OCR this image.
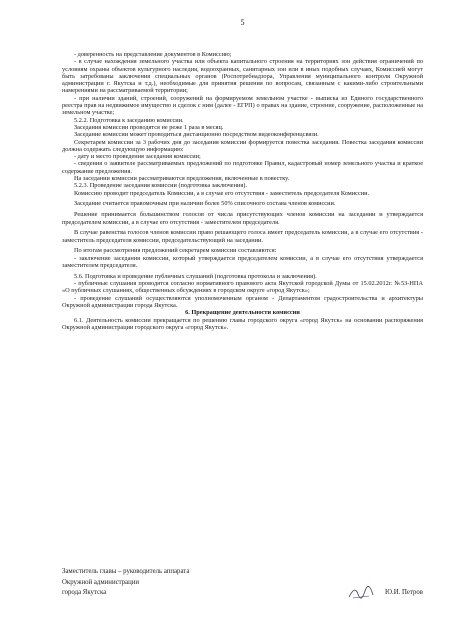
5

- доверенность на представление документов в Комиссию;

- в случае нахождения земельного участка или объекта капитального строения на территориях зон действия ограничений по условиям охраны объектов культурного наследия, водоохранных, санитарных зон или в иных подобных случаях, Комиссией могут быть затребованы заключения специальных органов (Роспотребнадзора, Управления муниципального контроля Окружной администрации г. Якутска и т.д.), необходимые для принятия решения по вопросам, связанным с какими-либо строительными намерениями на рассматриваемой территории;

- при наличии зданий, строений, сооружений на формируемом земельном участке - выписка из Единого государственного реестра прав на недвижимое имущество и сделок с ним (далее - ЕГРП) о правах на здание, строение, сооружение, расположенные на земельном участке;

5.2.2. Подготовка к заседанию комиссии.

Заседания комиссии проводятся не реже 1 раза в месяц.

Заседание комиссии может проводиться дистанционно посредством видеоконференцсвязи.

Секретарем комиссии за 3 рабочих дня до заседания комиссии формируется повестка заседания. Повестка заседания комиссии должна содержать следующую информацию:

- дату и место проведения заседания комиссии;

- сведения о заявителе рассматриваемых предложений по подготовке Правил, кадастровый номер земельного участка и краткое содержание предложения.

На заседании комиссии рассматриваются предложения, включенные в повестку.

5.2.3. Проведение заседания комиссии (подготовка заключения).

Комиссию проводит председатель Комиссии, а в случае его отсутствия - заместитель председателя Комиссии.

Заседание считается правомочным при наличии более 50% списочного состава членов комиссии.

Решение принимается большинством голосов от числа присутствующих членов комиссии на заседании и утверждается председателем комиссии, а в случае его отсутствия - заместителем председателя.

В случае равенства голосов членов комиссии право решающего голоса имеет председатель комиссии, а в случае его отсутствия - заместитель председателя комиссии, председательствующий на заседании.

По итогам рассмотрения предложений секретарем комиссии составляются:

- заключение заседания комиссии, который утверждается председателем комиссии, а в случае его отсутствия утверждается заместителем председателя.

5.6. Подготовка и проведение публичных слушаний (подготовка протокола и заключения).

- публичные слушания проводятся согласно нормативного правового акта Якутской городской Думы от 15.02.2012г. №53-НПА «О публичных слушаниях, общественных обсуждениях в городском округе «город Якутск»;

- проведение слушаний осуществляются уполномоченным органом - Департаментом градостроительства и архитектуры Окружной администрации города Якутска.

6. Прекращение деятельности комиссии

6.1. Деятельность комиссии прекращается по решению главы городского округа «город Якутск» на основании распоряжения Окружной администрации городского округа «город Якутск».

Заместитель главы – руководитель аппарата

Окружной администрации

города Якутска	Ю.И. Петров
